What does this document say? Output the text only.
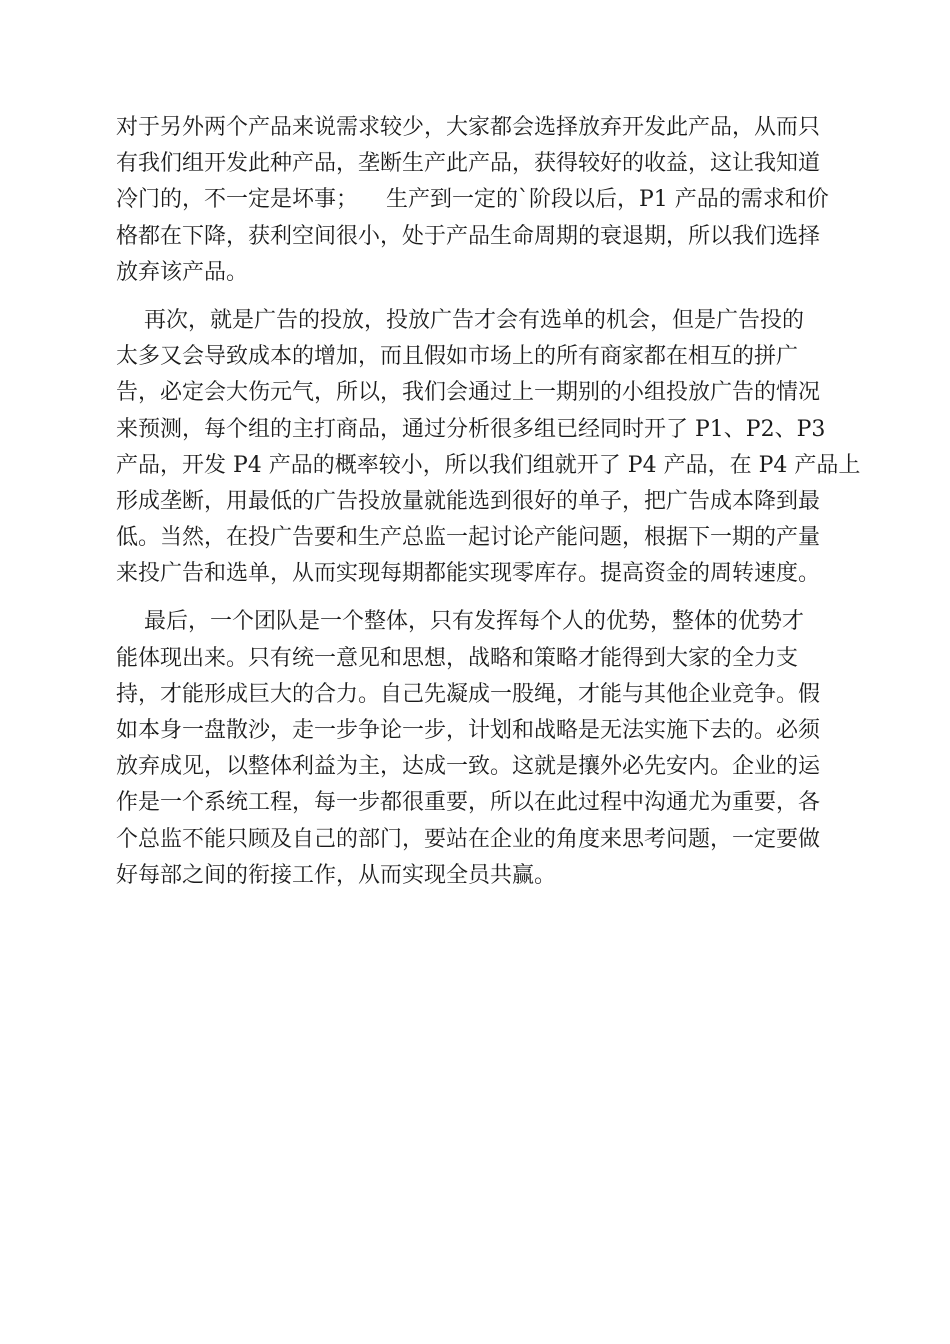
对于另外两个产品来说需求较少，大家都会选择放弃开发此产品，从而只
有我们组开发此种产品，垄断生产此产品，获得较好的收益，这让我知道
冷门的，不一定是坏事；    生产到一定的`阶段以后，P1 产品的需求和价
格都在下降，获利空间很小，处于产品生命周期的衰退期，所以我们选择
放弃该产品。
再次，就是广告的投放，投放广告才会有选单的机会，但是广告投的
太多又会导致成本的增加，而且假如市场上的所有商家都在相互的拼广
告，必定会大伤元气，所以，我们会通过上一期别的小组投放广告的情况
来预测，每个组的主打商品，通过分析很多组已经同时开了 P1、P2、P3
产品，开发 P4 产品的概率较小，所以我们组就开了 P4 产品，在 P4 产品上
形成垄断，用最低的广告投放量就能选到很好的单子，把广告成本降到最
低。当然，在投广告要和生产总监一起讨论产能问题，根据下一期的产量
来投广告和选单，从而实现每期都能实现零库存。提高资金的周转速度。
最后，一个团队是一个整体，只有发挥每个人的优势，整体的优势才
能体现出来。只有统一意见和思想，战略和策略才能得到大家的全力支
持，才能形成巨大的合力。自己先凝成一股绳，才能与其他企业竞争。假
如本身一盘散沙，走一步争论一步，计划和战略是无法实施下去的。必须
放弃成见，以整体利益为主，达成一致。这就是攘外必先安内。企业的运
作是一个系统工程，每一步都很重要，所以在此过程中沟通尤为重要，各
个总监不能只顾及自己的部门，要站在企业的角度来思考问题，一定要做
好每部之间的衔接工作，从而实现全员共赢。
